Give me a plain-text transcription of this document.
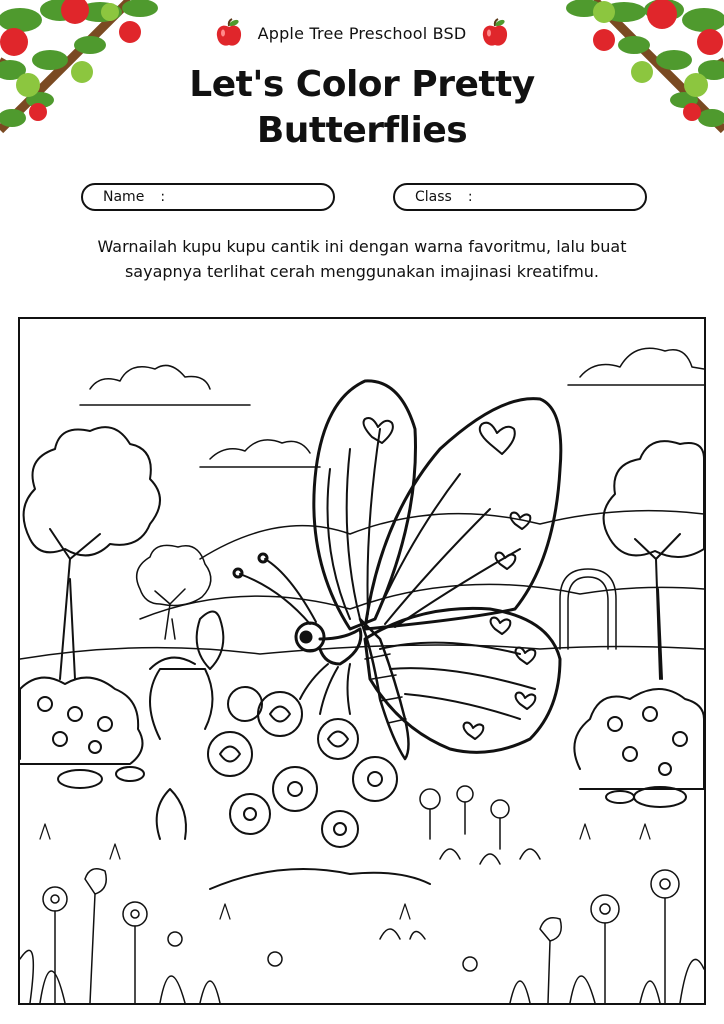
Apple Tree Preschool BSD
Let's Color Pretty
Butterflies
Name :	Class :
Warnailah kupu kupu cantik ini dengan warna favoritmu, lalu buat
sayapnya terlihat cerah menggunakan imajinasi kreatifmu.
